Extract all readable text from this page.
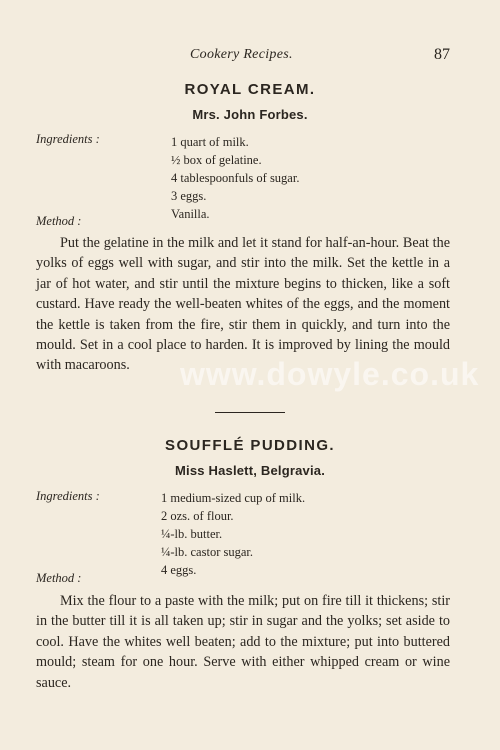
Cookery Recipes.	87
ROYAL CREAM.
Mrs. John Forbes.
Ingredients :	1 quart of milk.
½ box of gelatine.
4 tablespoonfuls of sugar.
3 eggs.
Vanilla.
Method :

Put the gelatine in the milk and let it stand for half-an-hour. Beat the yolks of eggs well with sugar, and stir into the milk. Set the kettle in a jar of hot water, and stir until the mixture begins to thicken, like a soft custard. Have ready the well-beaten whites of the eggs, and the moment the kettle is taken from the fire, stir them in quickly, and turn into the mould. Set in a cool place to harden. It is improved by lining the mould with macaroons.	www.dowyle.co.uk
SOUFFLÉ PUDDING.
Miss Haslett, Belgravia.
Ingredients :	1 medium-sized cup of milk.
2 ozs. of flour.
¼-lb. butter.
¼-lb. castor sugar.
4 eggs.
Method :

Mix the flour to a paste with the milk; put on fire till it thickens; stir in the butter till it is all taken up; stir in sugar and the yolks; set aside to cool. Have the whites well beaten; add to the mixture; put into buttered mould; steam for one hour. Serve with either whipped cream or wine sauce.
